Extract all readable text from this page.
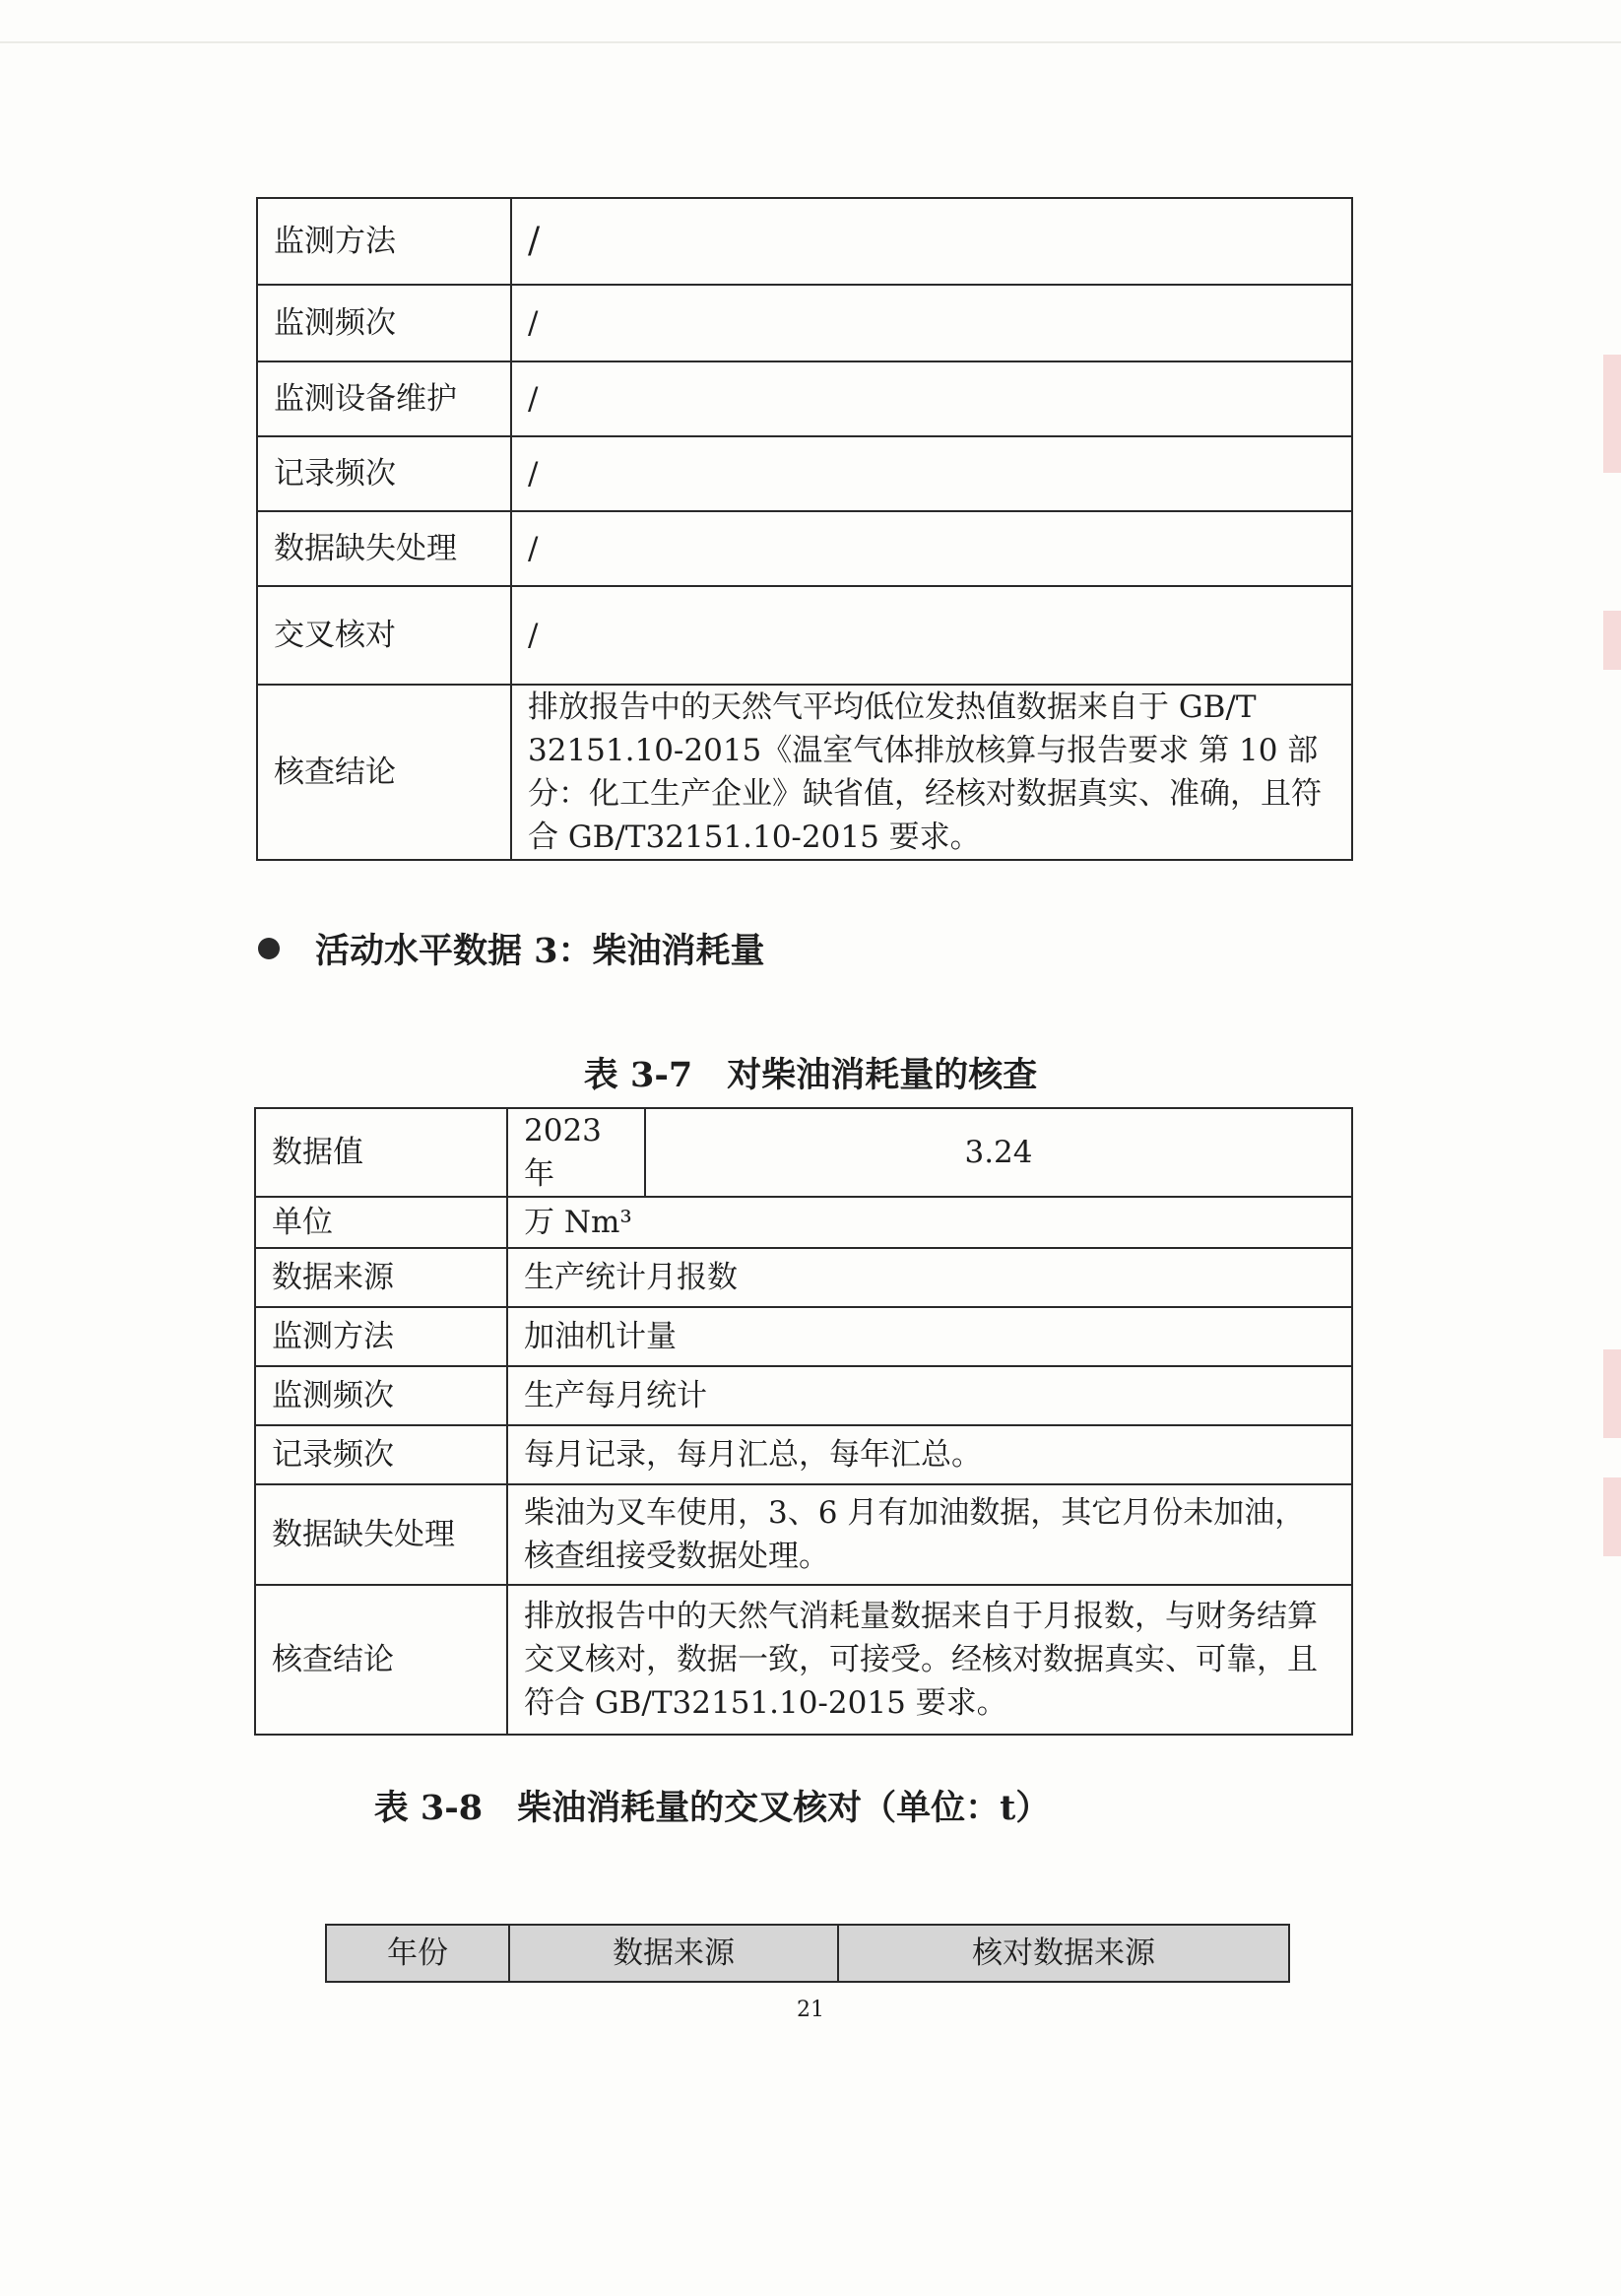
监测方法	/
监测频次	/
监测设备维护	/
记录频次	/
数据缺失处理	/
交叉核对	/
核查结论	排放报告中的天然气平均低位发热值数据来自于 GB/T 32151.10-2015《温室气体排放核算与报告要求 第 10 部分：化工生产企业》缺省值，经核对数据真实、准确，且符合 GB/T32151.10-2015 要求。
活动水平数据 3：柴油消耗量
表 3-7　对柴油消耗量的核查
数据值	2023 年	3.24
单位	万 Nm³	
数据来源	生产统计月报数	
监测方法	加油机计量	
监测频次	生产每月统计	
记录频次	每月记录，每月汇总，每年汇总。	
数据缺失处理	柴油为叉车使用，3、6 月有加油数据，其它月份未加油，核查组接受数据处理。	
核查结论	排放报告中的天然气消耗量数据来自于月报数，与财务结算交叉核对，数据一致，可接受。经核对数据真实、可靠，且符合 GB/T32151.10-2015 要求。	
表 3-8　柴油消耗量的交叉核对（单位：t）
年份	数据来源	核对数据来源
21
